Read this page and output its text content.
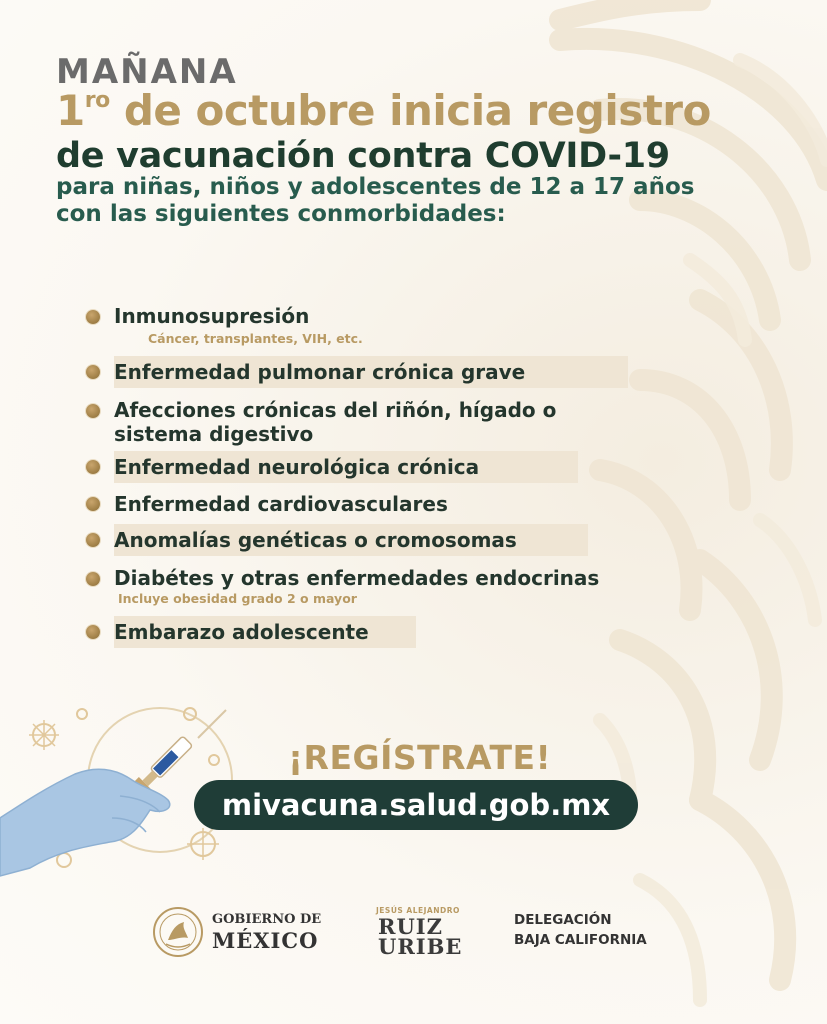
MAÑANA
$1^{ro}$ de octubre inicia registro
de vacunación contra COVID-19
para niñas, niños y adolescentes de 12 a 17 años
con las siguientes conmorbidades:
Inmunosupresión
Cáncer, transplantes, VIH, etc.
Enfermedad pulmonar crónica grave
Afecciones crónicas del riñón, hígado o
sistema digestivo
Enfermedad neurológica crónica
Enfermedad cardiovasculares
Anomalías genéticas o cromosomas
Diabétes y otras enfermedades endocrinas
Incluye obesidad grado 2 o mayor
Embarazo adolescente
¡REGÍSTRATE!
mivacuna.salud.gob.mx
GOBIERNO DE
MÉXICO
JESÚS ALEJANDRO
RUIZ
URIBE
DELEGACIÓN
BAJA CALIFORNIA
